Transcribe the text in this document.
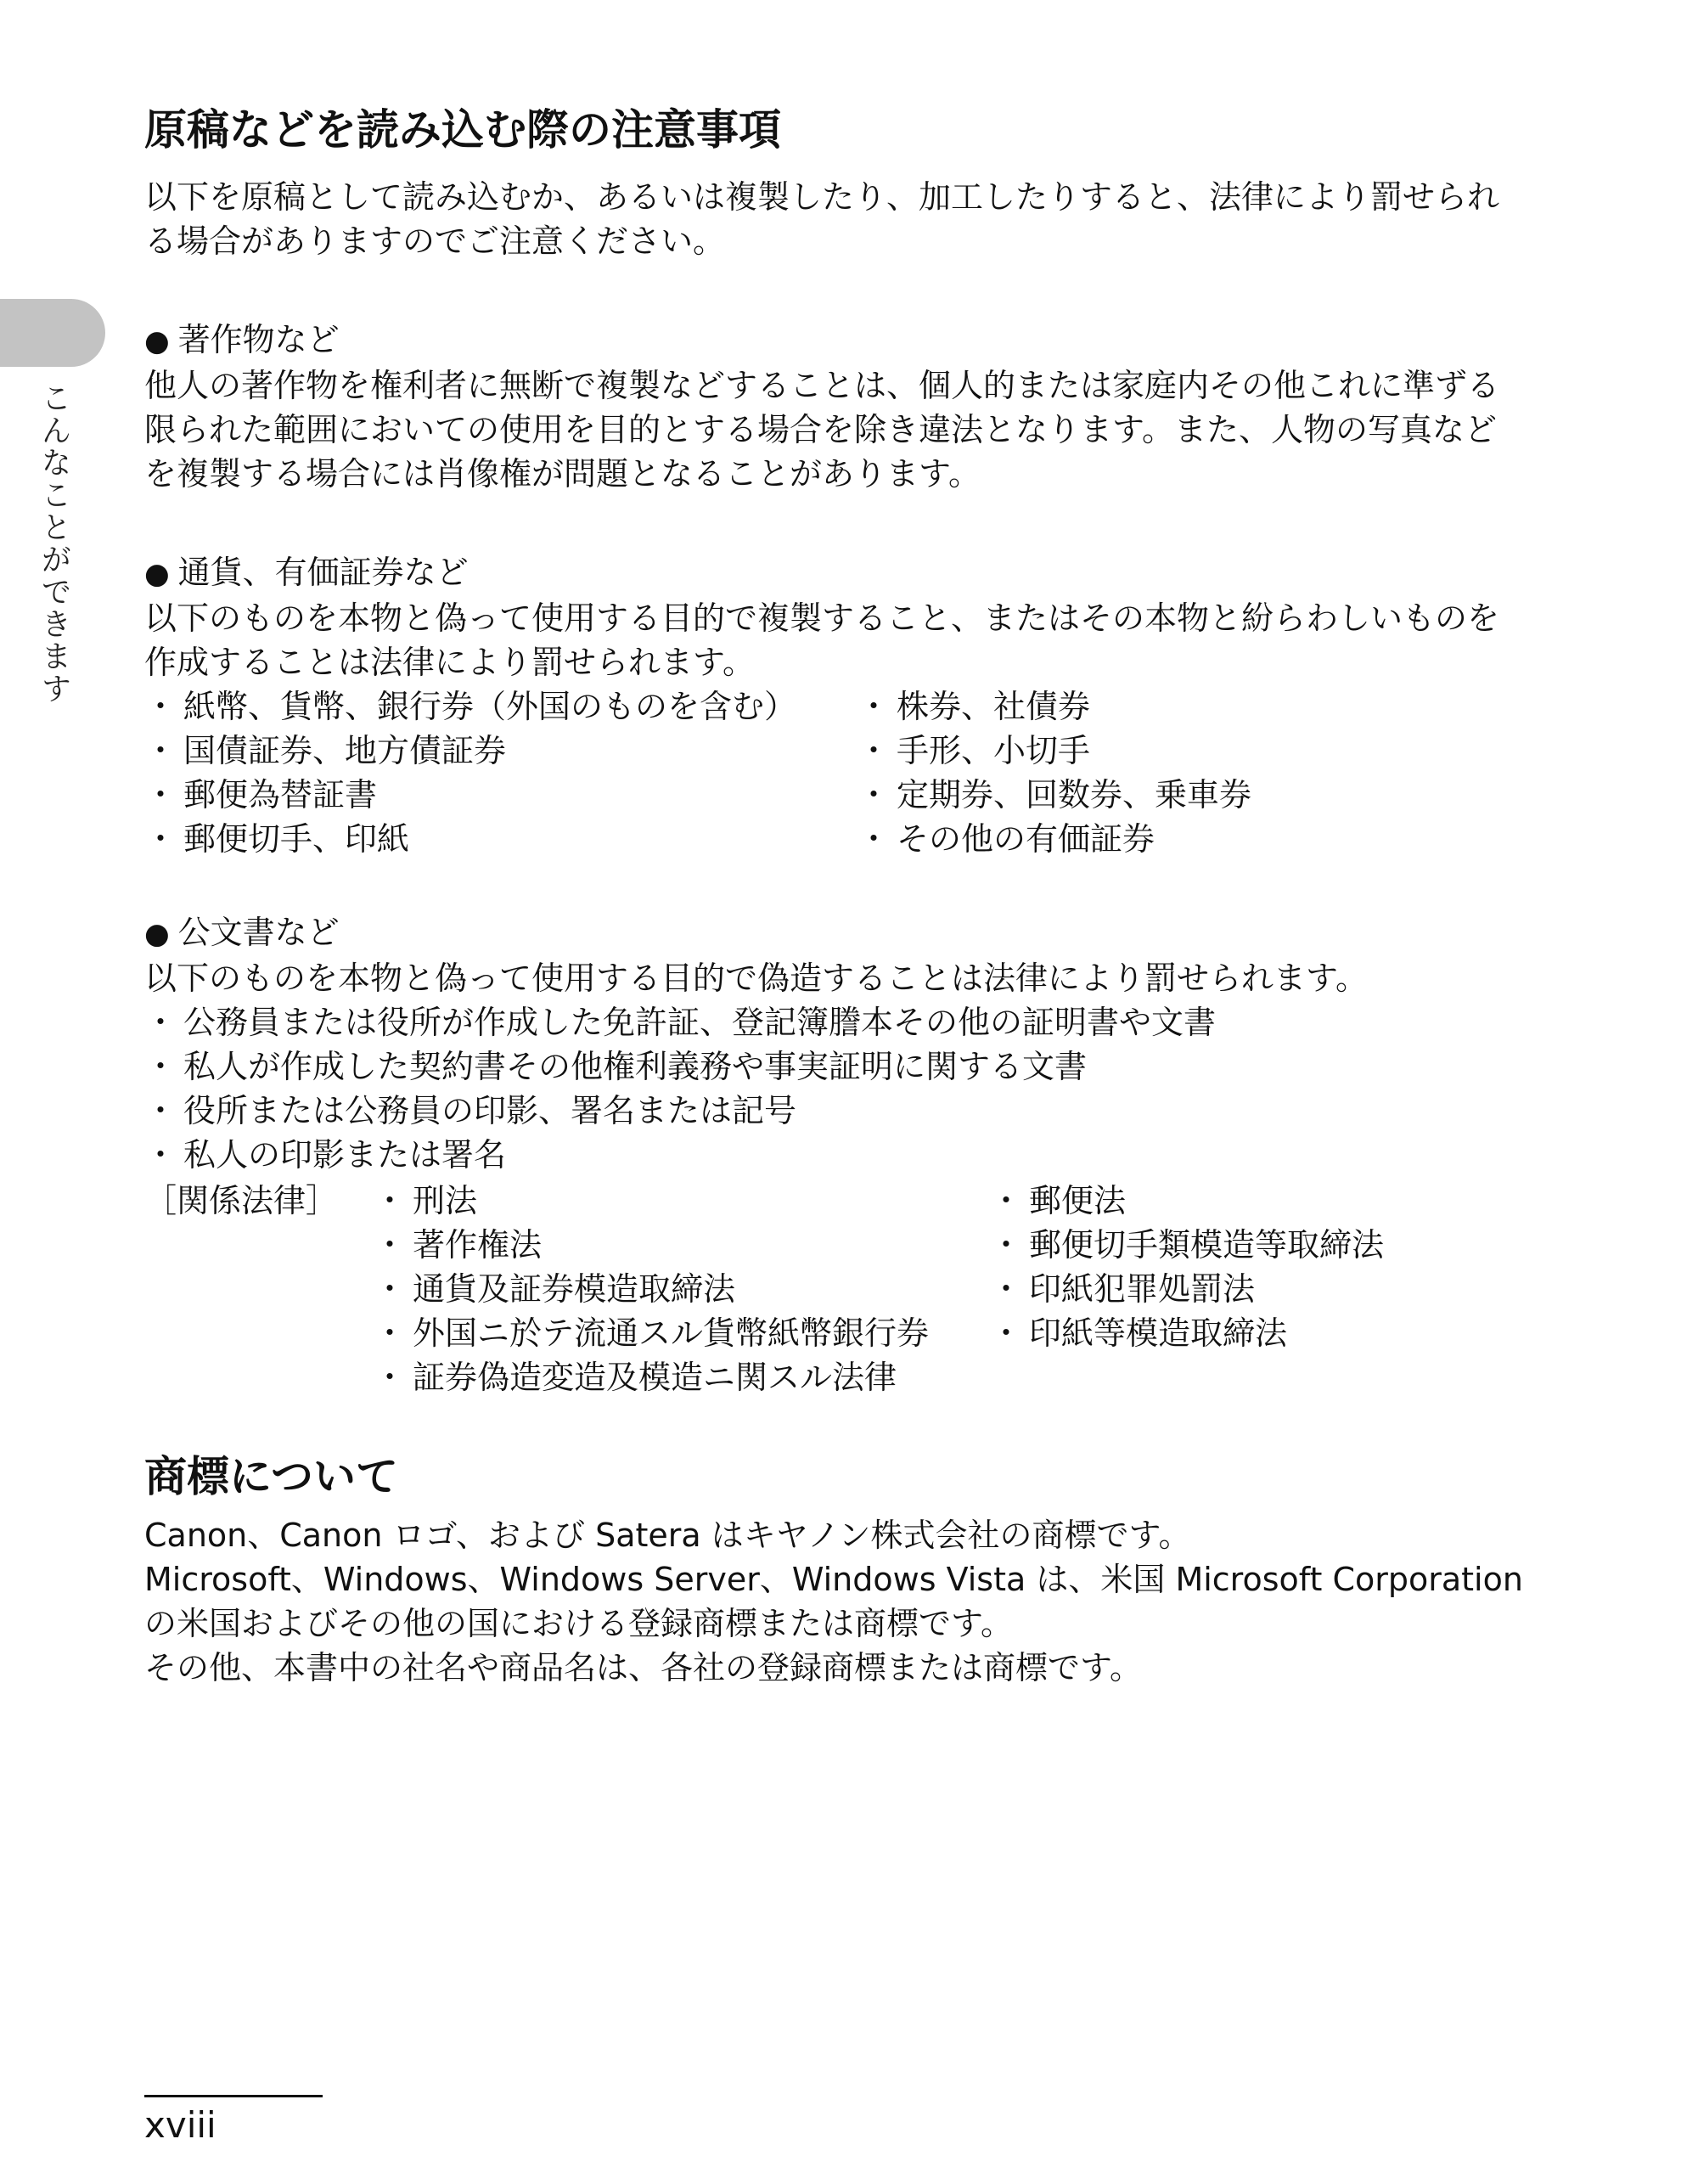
こんなことができます
原稿などを読み込む際の注意事項

以下を原稿として読み込むか、あるいは複製したり、加工したりすると、法律により罰せられ

る場合がありますのでご注意ください。

● 著作物など

他人の著作物を権利者に無断で複製などすることは、個人的または家庭内その他これに準ずる

限られた範囲においての使用を目的とする場合を除き違法となります。また、人物の写真など

を複製する場合には肖像権が問題となることがあります。

● 通貨、有価証券など

以下のものを本物と偽って使用する目的で複製すること、またはその本物と紛らわしいものを

作成することは法律により罰せられます。

・ 紙幣、貨幣、銀行券（外国のものを含む）
・ 国債証券、地方債証券
・ 郵便為替証書
・ 郵便切手、印紙
・ 株券、社債券
・ 手形、小切手
・ 定期券、回数券、乗車券
・ その他の有価証券
● 公文書など

以下のものを本物と偽って使用する目的で偽造することは法律により罰せられます。

・ 公務員または役所が作成した免許証、登記簿謄本その他の証明書や文書
・ 私人が作成した契約書その他権利義務や事実証明に関する文書
・ 役所または公務員の印影、署名または記号
・ 私人の印影または署名
［関係法律］	・ 刑法
・ 著作権法
・ 通貨及証券模造取締法
・ 外国ニ於テ流通スル貨幣紙幣銀行券
・ 証券偽造変造及模造ニ関スル法律
・ 郵便法
・ 郵便切手類模造等取締法
・ 印紙犯罪処罰法
・ 印紙等模造取締法
商標について

Canon、Canon ロゴ、および Satera はキヤノン株式会社の商標です。

Microsoft、Windows、Windows Server、Windows Vista は、米国 Microsoft Corporation

の米国およびその他の国における登録商標または商標です。

その他、本書中の社名や商品名は、各社の登録商標または商標です。

xviii
